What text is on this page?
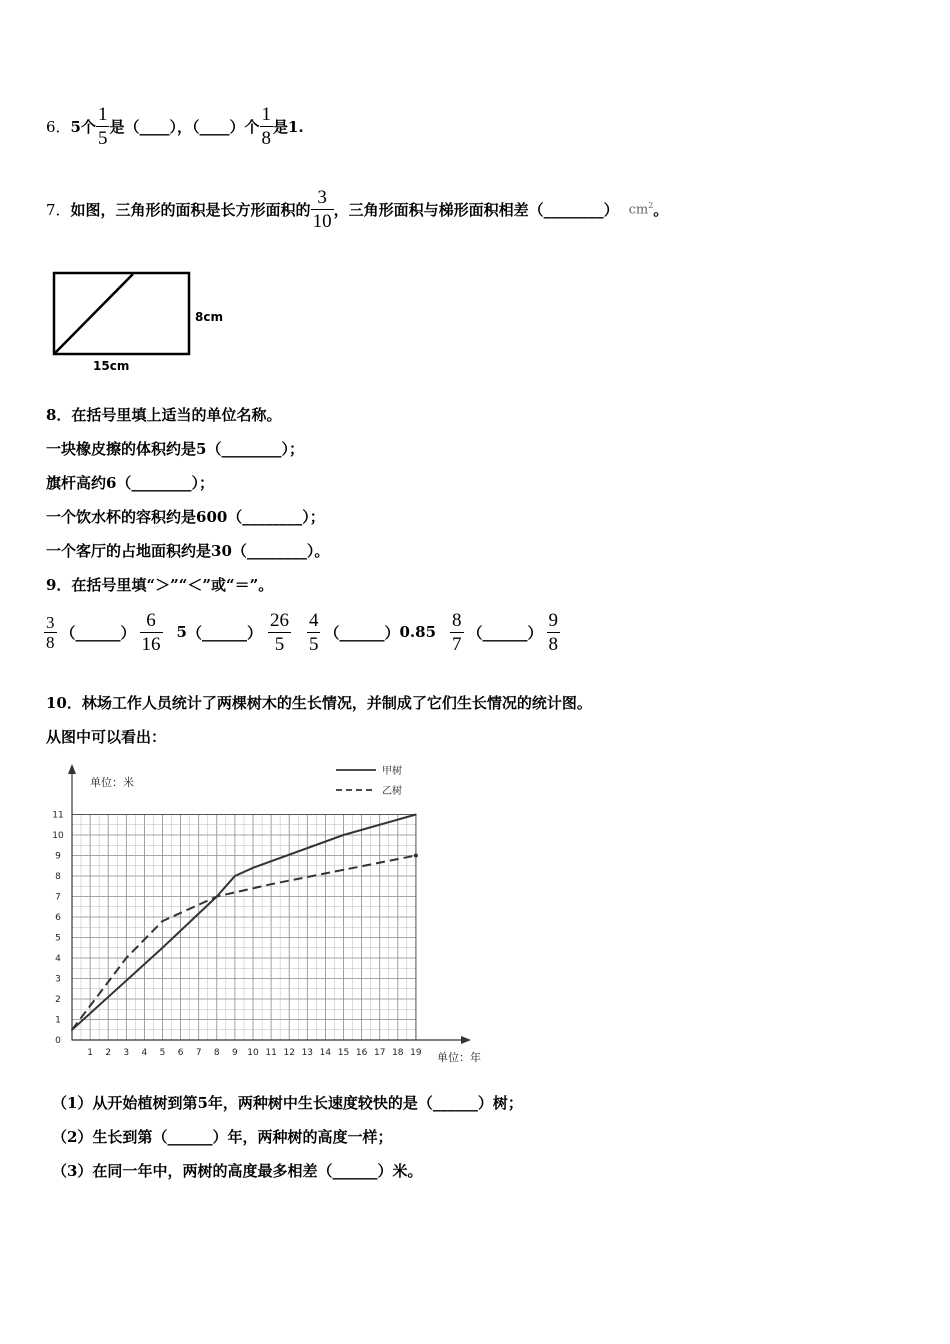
6． 5个 $\frac{1}{5}$ 是（____），（____）个 $\frac{1}{8}$ 是1.
7． 如图，三角形的面积是长方形面积的 $\frac{3}{10}$ ，三角形面积与梯形面积相差（________） $cm^2$ 。
8cm
15cm
8．在括号里填上适当的单位名称。
一块橡皮擦的体积约是5（________）；
旗杆高约6（________）；
一个饮水杯的容积约是600（________）；
一个客厅的占地面积约是30（________）。
9．在括号里填“＞”“＜”或“＝”。
$\frac{3}{8}$ （______） $\frac{6}{16} 5$ （______） $\frac{26}{5} \frac{4}{5}$ （______） $0.85 \frac{8}{7}$ （______） $\frac{9}{8}$
10．林场工作人员统计了两棵树木的生长情况，并制成了它们生长情况的统计图。
从图中可以看出：
1 2 3 4 5 6 7 8 9 10 11 12 13 14 15 16 17 18 19
1
2
3
4
5
6
7
8
9
10
11
0
单位：米
单位：年
甲树
乙树
（1）从开始植树到第5年，两种树中生长速度较快的是（______）树；
（2）生长到第（______）年，两种树的高度一样；
（3）在同一年中，两树的高度最多相差（______）米。
